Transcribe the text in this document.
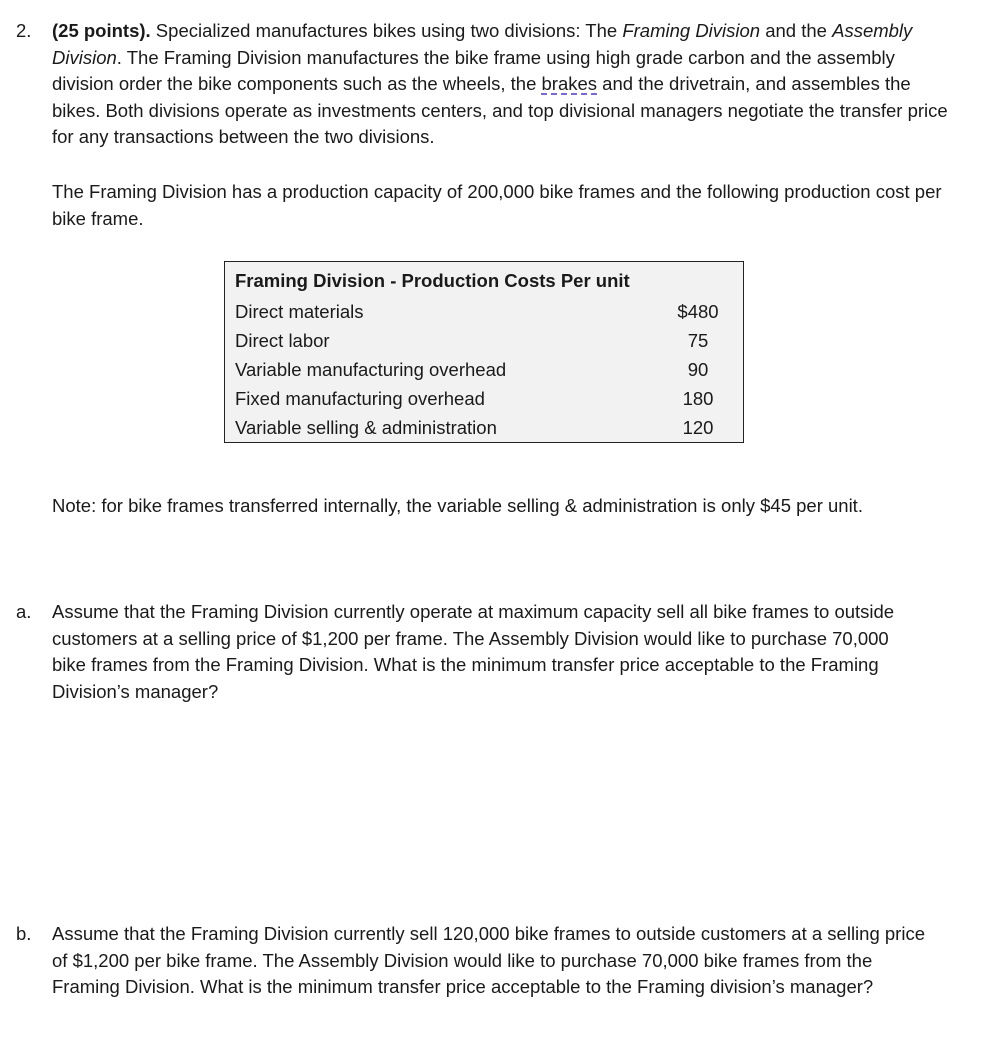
2. (25 points). Specialized manufactures bikes using two divisions: The Framing Division and the Assembly Division. The Framing Division manufactures the bike frame using high grade carbon and the assembly division order the bike components such as the wheels, the brakes and the drivetrain, and assembles the bikes. Both divisions operate as investments centers, and top divisional managers negotiate the transfer price for any transactions between the two divisions.
The Framing Division has a production capacity of 200,000 bike frames and the following production cost per bike frame.
Framing Division - Production Costs Per unit	
Direct materials	$480
Direct labor	75
Variable manufacturing overhead	90
Fixed manufacturing overhead	180
Variable selling & administration	120
Note: for bike frames transferred internally, the variable selling & administration is only $45 per unit.
a. Assume that the Framing Division currently operate at maximum capacity sell all bike frames to outside customers at a selling price of $1,200 per frame. The Assembly Division would like to purchase 70,000 bike frames from the Framing Division. What is the minimum transfer price acceptable to the Framing Division’s manager?
b. Assume that the Framing Division currently sell 120,000 bike frames to outside customers at a selling price of $1,200 per bike frame. The Assembly Division would like to purchase 70,000 bike frames from the Framing Division. What is the minimum transfer price acceptable to the Framing division’s manager?
